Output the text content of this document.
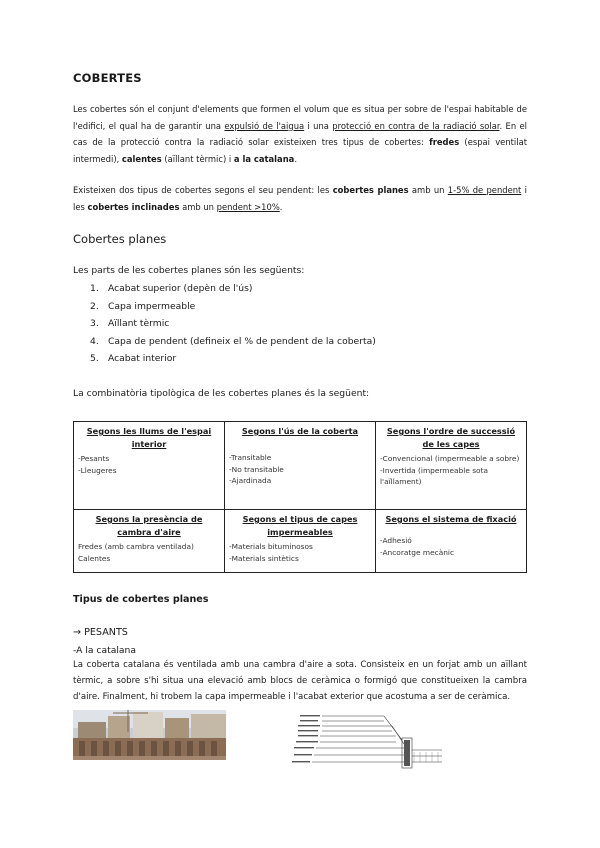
COBERTES

Les cobertes són el conjunt d'elements que formen el volum que es situa per sobre de l'espai habitable de l'edifici, el qual ha de garantir una expulsió de l'aigua i una protecció en contra de la radiació solar. En el cas de la protecció contra la radiació solar existeixen tres tipus de cobertes: fredes (espai ventilat intermedi), calentes (aïllant tèrmic) i a la catalana.

Existeixen dos tipus de cobertes segons el seu pendent: les cobertes planes amb un 1-5% de pendent i les cobertes inclinades amb un pendent >10%.

Cobertes planes
Les parts de les cobertes planes són les següents:
1. Acabat superior (depèn de l'ús)
2. Capa impermeable
3. Aïllant tèrmic
4. Capa de pendent (defineix el % de pendent de la coberta)
5. Acabat interior
La combinatòria tipològica de les cobertes planes és la següent:
Segons les llums de l'espai interior
-Pesants
-Lleugeres	Segons l'ús de la coberta
-Transitable
-No transitable
-Ajardinada	Segons l'ordre de successió de les capes
-Convencional (impermeable a sobre)
-Invertida (impermeable sota l'aïllament)

Segons la presència de cambra d'aire
Fredes (amb cambra ventilada)
Calentes	Segons el tipus de capes impermeables
-Materials bituminosos
-Materials sintètics	Segons el sistema de fixació
-Adhesió
-Ancoratge mecànic
Tipus de cobertes planes
→ PESANTS
-A la catalana

La coberta catalana és ventilada amb una cambra d'aire a sota. Consisteix en un forjat amb un aïllant tèrmic, a sobre s'hi situa una elevació amb blocs de ceràmica o formigó que constitueixen la cambra d'aire. Finalment, hi trobem la capa impermeable i l'acabat exterior que acostuma a ser de ceràmica.
